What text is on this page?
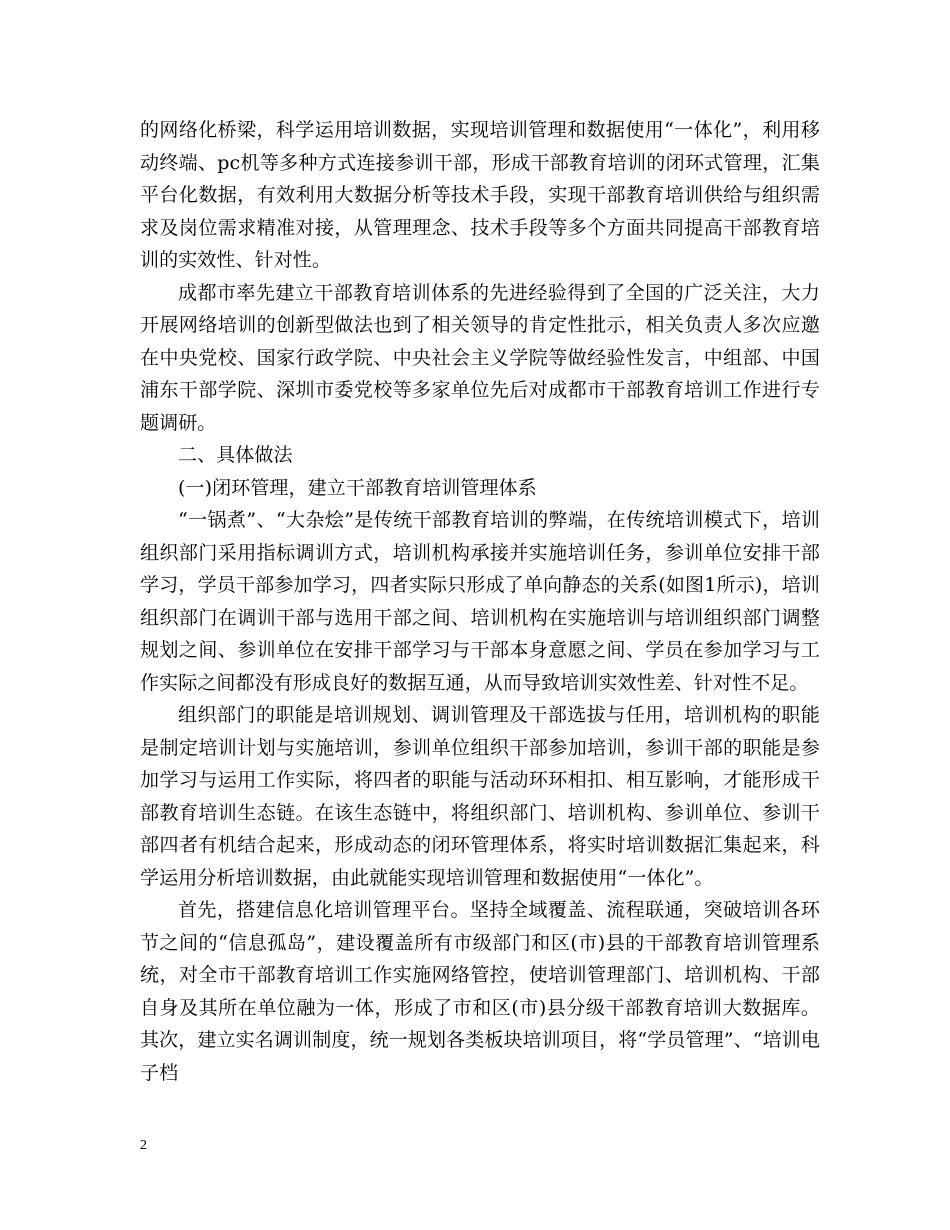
的网络化桥梁，科学运用培训数据，实现培训管理和数据使用“一体化”，利用移动终端、pc机等多种方式连接参训干部，形成干部教育培训的闭环式管理，汇集平台化数据，有效利用大数据分析等技术手段，实现干部教育培训供给与组织需求及岗位需求精准对接，从管理理念、技术手段等多个方面共同提高干部教育培训的实效性、针对性。

成都市率先建立干部教育培训体系的先进经验得到了全国的广泛关注，大力开展网络培训的创新型做法也到了相关领导的肯定性批示，相关负责人多次应邀在中央党校、国家行政学院、中央社会主义学院等做经验性发言，中组部、中国浦东干部学院、深圳市委党校等多家单位先后对成都市干部教育培训工作进行专题调研。

二、具体做法

(一)闭环管理，建立干部教育培训管理体系

“一锅煮”、“大杂烩”是传统干部教育培训的弊端，在传统培训模式下，培训组织部门采用指标调训方式，培训机构承接并实施培训任务，参训单位安排干部学习，学员干部参加学习，四者实际只形成了单向静态的关系(如图1所示)，培训组织部门在调训干部与选用干部之间、培训机构在实施培训与培训组织部门调整规划之间、参训单位在安排干部学习与干部本身意愿之间、学员在参加学习与工作实际之间都没有形成良好的数据互通，从而导致培训实效性差、针对性不足。

组织部门的职能是培训规划、调训管理及干部选拔与任用，培训机构的职能是制定培训计划与实施培训，参训单位组织干部参加培训，参训干部的职能是参加学习与运用工作实际，将四者的职能与活动环环相扣、相互影响，才能形成干部教育培训生态链。在该生态链中，将组织部门、培训机构、参训单位、参训干部四者有机结合起来，形成动态的闭环管理体系，将实时培训数据汇集起来，科学运用分析培训数据，由此就能实现培训管理和数据使用“一体化”。

首先，搭建信息化培训管理平台。坚持全域覆盖、流程联通，突破培训各环节之间的“信息孤岛”，建设覆盖所有市级部门和区(市)县的干部教育培训管理系统，对全市干部教育培训工作实施网络管控，使培训管理部门、培训机构、干部自身及其所在单位融为一体，形成了市和区(市)县分级干部教育培训大数据库。其次，建立实名调训制度，统一规划各类板块培训项目，将“学员管理”、“培训电子档

2
